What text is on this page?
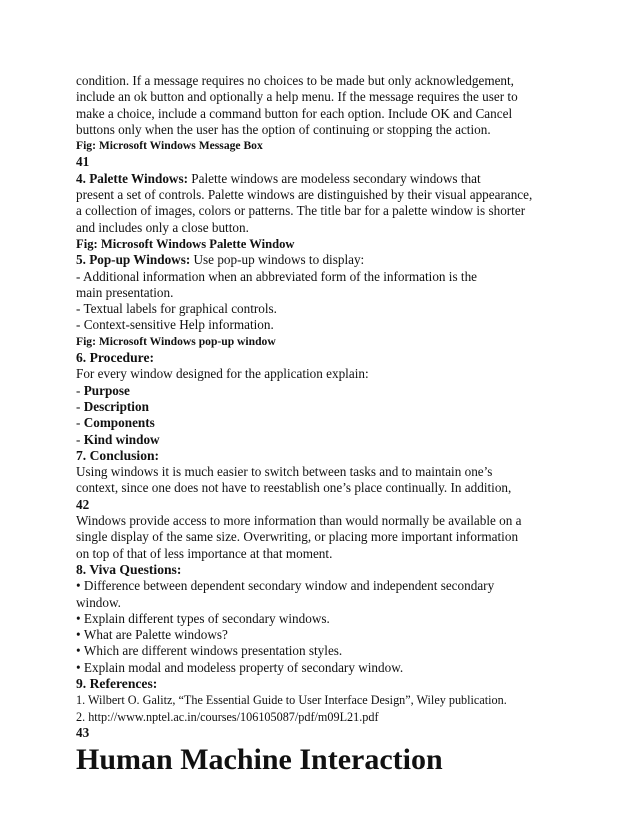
condition. If a message requires no choices to be made but only acknowledgement,
include an ok button and optionally a help menu. If the message requires the user to
make a choice, include a command button for each option. Include OK and Cancel
buttons only when the user has the option of continuing or stopping the action.
Fig: Microsoft Windows Message Box
41
4. Palette Windows: Palette windows are modeless secondary windows that
present a set of controls. Palette windows are distinguished by their visual appearance,
a collection of images, colors or patterns. The title bar for a palette window is shorter
and includes only a close button.
Fig: Microsoft Windows Palette Window
5. Pop-up Windows: Use pop-up windows to display:
- Additional information when an abbreviated form of the information is the
main presentation.
- Textual labels for graphical controls.
- Context-sensitive Help information.
Fig: Microsoft Windows pop-up window
6. Procedure:
For every window designed for the application explain:
- Purpose
- Description
- Components
- Kind window
7. Conclusion:
Using windows it is much easier to switch between tasks and to maintain one’s
context, since one does not have to reestablish one’s place continually. In addition,
42
Windows provide access to more information than would normally be available on a
single display of the same size. Overwriting, or placing more important information
on top of that of less importance at that moment.
8. Viva Questions:
• Difference between dependent secondary window and independent secondary
window.
• Explain different types of secondary windows.
• What are Palette windows?
• Which are different windows presentation styles.
• Explain modal and modeless property of secondary window.
9. References:
1. Wilbert O. Galitz, “The Essential Guide to User Interface Design”, Wiley publication.
2. http://www.nptel.ac.in/courses/106105087/pdf/m09L21.pdf
43
Human Machine Interaction
